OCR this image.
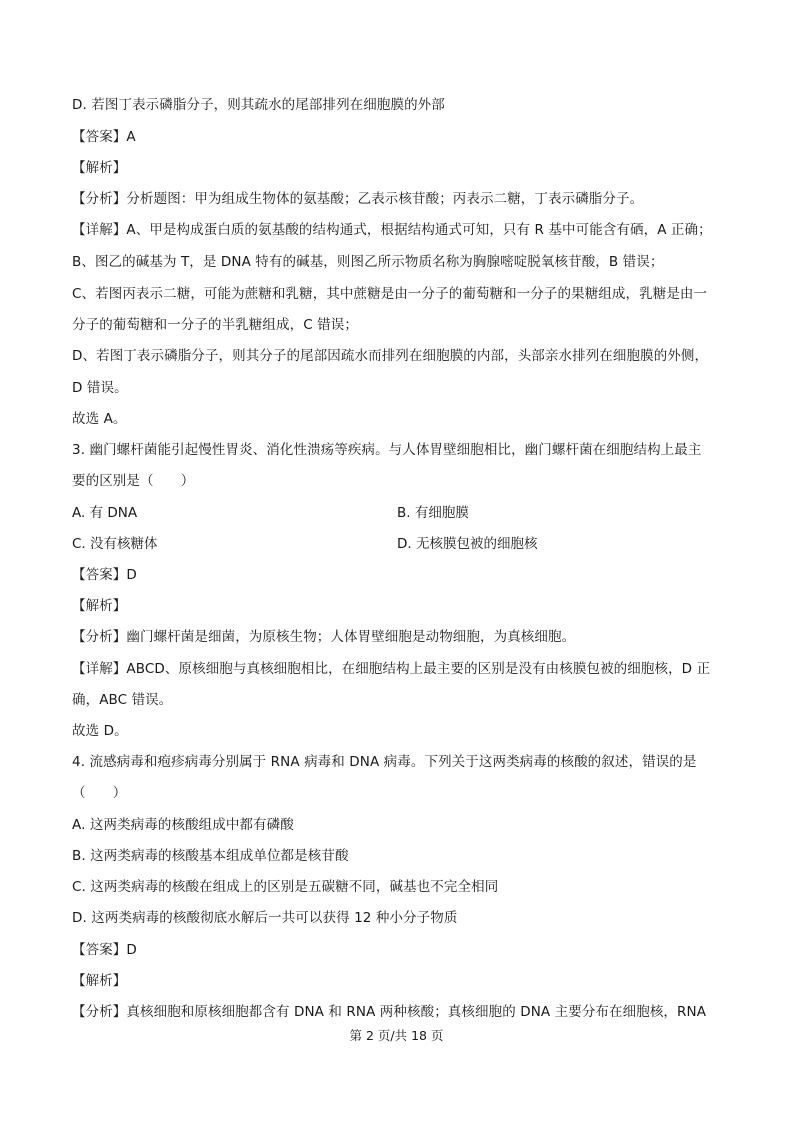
D. 若图丁表示磷脂分子，则其疏水的尾部排列在细胞膜的外部
【答案】A
【解析】
【分析】分析题图：甲为组成生物体的氨基酸；乙表示核苷酸；丙表示二糖，丁表示磷脂分子。
【详解】A、甲是构成蛋白质的氨基酸的结构通式，根据结构通式可知，只有 R 基中可能含有硒，A 正确；
B、图乙的碱基为 T，是 DNA 特有的碱基，则图乙所示物质名称为胸腺嘧啶脱氧核苷酸，B 错误；
C、若图丙表示二糖，可能为蔗糖和乳糖，其中蔗糖是由一分子的葡萄糖和一分子的果糖组成，乳糖是由一
分子的葡萄糖和一分子的半乳糖组成，C 错误；
D、若图丁表示磷脂分子，则其分子的尾部因疏水而排列在细胞膜的内部，头部亲水排列在细胞膜的外侧，
D 错误。
故选 A。
3. 幽门螺杆菌能引起慢性胃炎、消化性溃疡等疾病。与人体胃壁细胞相比，幽门螺杆菌在细胞结构上最主
要的区别是（　　）
A. 有 DNA	B. 有细胞膜
C. 没有核糖体	D. 无核膜包被的细胞核
【答案】D
【解析】
【分析】幽门螺杆菌是细菌，为原核生物；人体胃壁细胞是动物细胞，为真核细胞。
【详解】ABCD、原核细胞与真核细胞相比，在细胞结构上最主要的区别是没有由核膜包被的细胞核，D 正
确，ABC 错误。
故选 D。
4. 流感病毒和疱疹病毒分别属于 RNA 病毒和 DNA 病毒。下列关于这两类病毒的核酸的叙述，错误的是
（　　）
A. 这两类病毒的核酸组成中都有磷酸
B. 这两类病毒的核酸基本组成单位都是核苷酸
C. 这两类病毒的核酸在组成上的区别是五碳糖不同，碱基也不完全相同
D. 这两类病毒的核酸彻底水解后一共可以获得 12 种小分子物质
【答案】D
【解析】
【分析】真核细胞和原核细胞都含有 DNA 和 RNA 两种核酸；真核细胞的 DNA 主要分布在细胞核，RNA
第 2 页/共 18 页
